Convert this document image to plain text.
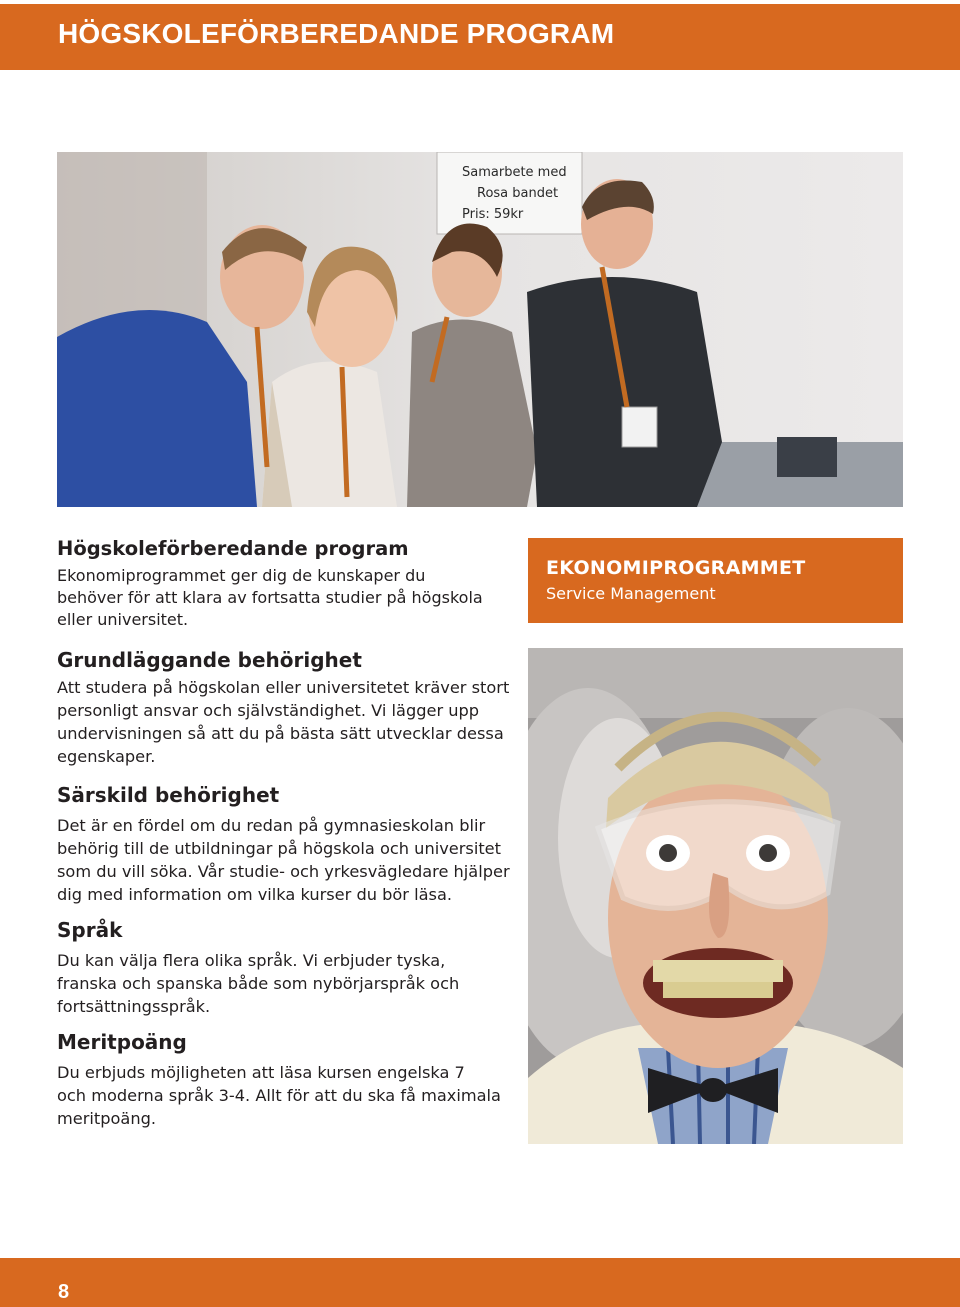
HÖGSKOLEFÖRBEREDANDE PROGRAM
Samarbete med
Rosa bandet
Pris: 59kr
Högskoleförberedande program
Ekonomiprogrammet ger dig de kunskaper du
behöver för att klara av fortsatta studier på högskola
eller universitet.
Grundläggande behörighet
Att studera på högskolan eller universitetet kräver stort
personligt ansvar och självständighet. Vi lägger upp
undervisningen så att du på bästa sätt utvecklar dessa
egenskaper.
Särskild behörighet
Det är en fördel om du redan på gymnasieskolan blir
behörig till de utbildningar på högskola och universitet
som du vill söka. Vår studie- och yrkesvägledare hjälper
dig med information om vilka kurser du bör läsa.
Språk
Du kan välja flera olika språk. Vi erbjuder tyska,
franska och spanska både som nybörjarspråk och
fortsättningsspråk.
Meritpoäng
Du erbjuds möjligheten att läsa kursen engelska 7
och moderna språk 3-4. Allt för att du ska få maximala
meritpoäng.
EKONOMIPROGRAMMET
Service Management
8
